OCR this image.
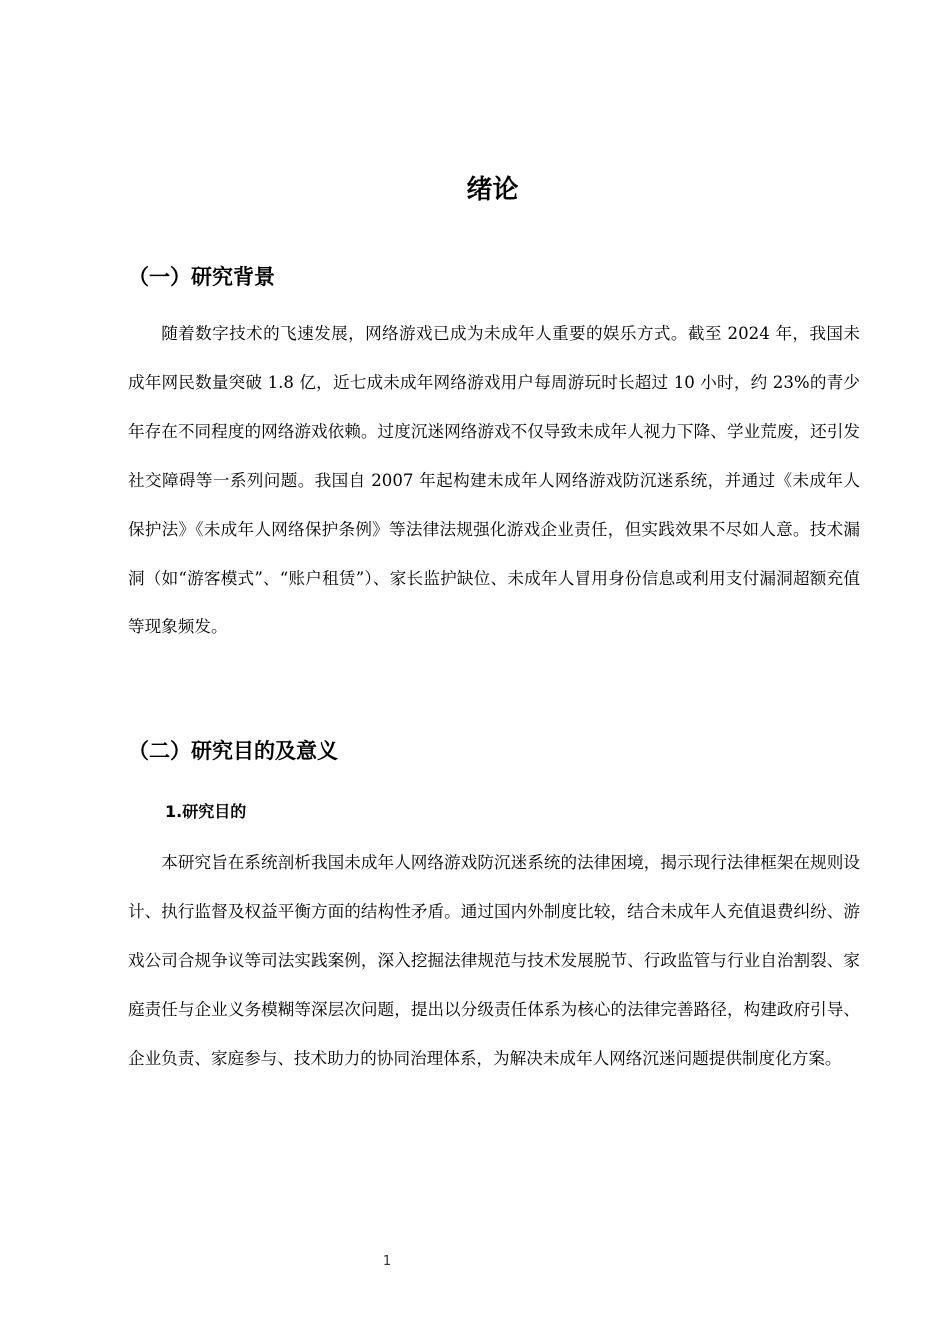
绪论
（一）研究背景

随着数字技术的飞速发展，网络游戏已成为未成年人重要的娱乐方式。截至 2024 年，我国未成年网民数量突破 1.8 亿，近七成未成年网络游戏用户每周游玩时长超过 10 小时，约 23%的青少年存在不同程度的网络游戏依赖。过度沉迷网络游戏不仅导致未成年人视力下降、学业荒废，还引发社交障碍等一系列问题。我国自 2007 年起构建未成年人网络游戏防沉迷系统，并通过《未成年人保护法》《未成年人网络保护条例》等法律法规强化游戏企业责任，但实践效果不尽如人意。技术漏洞（如“游客模式”、“账户租赁”）、家长监护缺位、未成年人冒用身份信息或利用支付漏洞超额充值等现象频发。

（二）研究目的及意义
1.研究目的

本研究旨在系统剖析我国未成年人网络游戏防沉迷系统的法律困境，揭示现行法律框架在规则设计、执行监督及权益平衡方面的结构性矛盾。通过国内外制度比较，结合未成年人充值退费纠纷、游戏公司合规争议等司法实践案例，深入挖掘法律规范与技术发展脱节、行政监管与行业自治割裂、家庭责任与企业义务模糊等深层次问题，提出以分级责任体系为核心的法律完善路径，构建政府引导、企业负责、家庭参与、技术助力的协同治理体系，为解决未成年人网络沉迷问题提供制度化方案。

1
